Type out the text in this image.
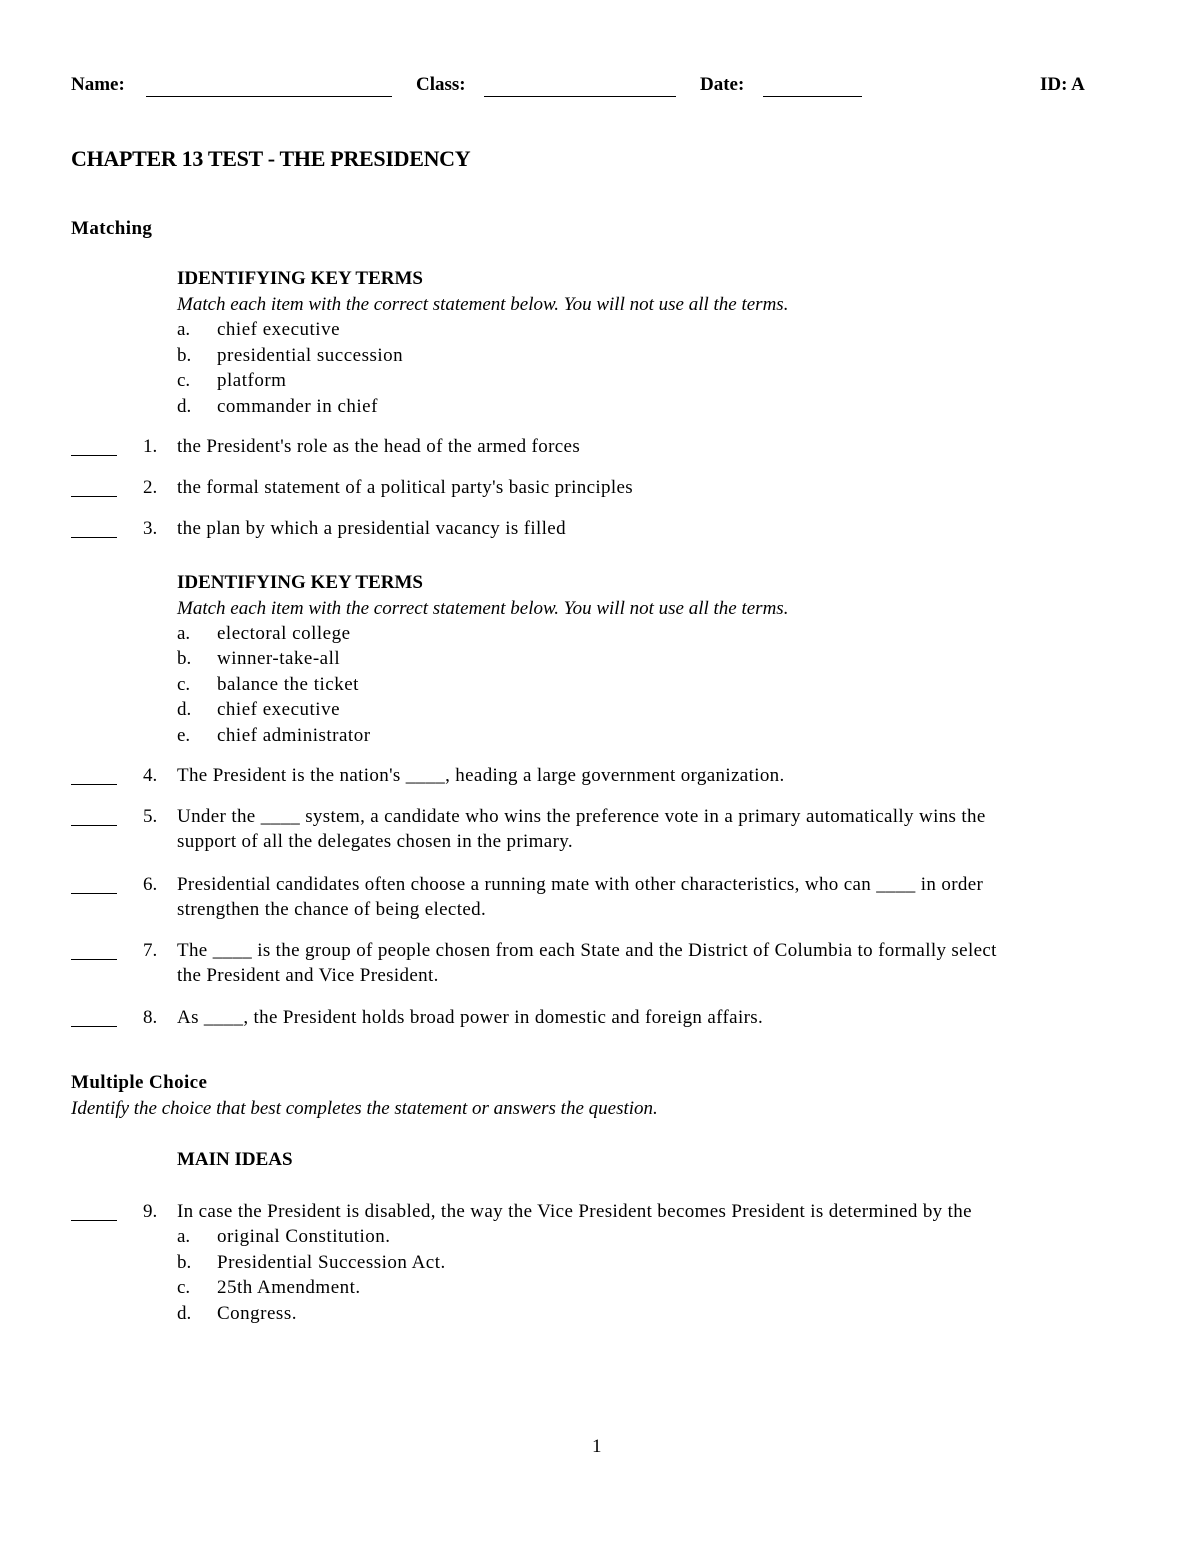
Name:	Class:	Date:	ID: A
CHAPTER 13 TEST - THE PRESIDENCY
Matching
IDENTIFYING KEY TERMS
Match each item with the correct statement below. You will not use all the terms.
a. chief executive
b. presidential succession
c. platform
d. commander in chief
1. the President's role as the head of the armed forces
2. the formal statement of a political party's basic principles
3. the plan by which a presidential vacancy is filled
IDENTIFYING KEY TERMS
Match each item with the correct statement below. You will not use all the terms.
a. electoral college
b. winner-take-all
c. balance the ticket
d. chief executive
e. chief administrator
4. The President is the nation's ____, heading a large government organization.
5. Under the ____ system, a candidate who wins the preference vote in a primary automatically wins the
support of all the delegates chosen in the primary.
6. Presidential candidates often choose a running mate with other characteristics, who can ____ in order
strengthen the chance of being elected.
7. The ____ is the group of people chosen from each State and the District of Columbia to formally select
the President and Vice President.
8. As ____, the President holds broad power in domestic and foreign affairs.
Multiple Choice
Identify the choice that best completes the statement or answers the question.
MAIN IDEAS
9. In case the President is disabled, the way the Vice President becomes President is determined by the
a. original Constitution.
b. Presidential Succession Act.
c. 25th Amendment.
d. Congress.
1
